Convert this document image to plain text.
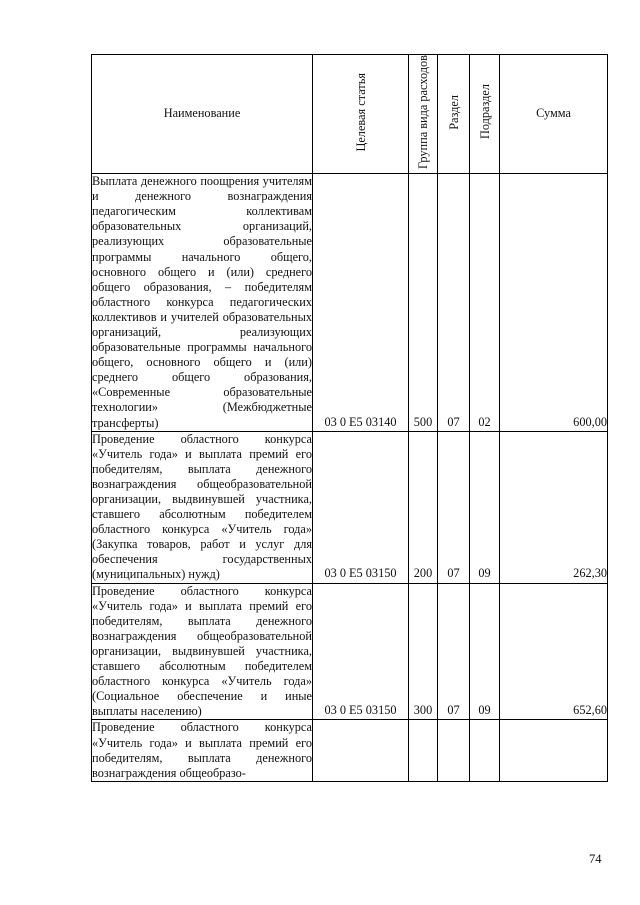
Наименование	Целевая статья	Группа вида расходов	Раздел	Подраздел	Сумма
Выплата денежного поощрения учителям и денежного вознаграждения педагогическим коллективам образовательных организаций, реализующих образовательные программы начального общего, основного общего и (или) среднего общего образования, – победителям областного конкурса педагогических коллективов и учителей образовательных организаций, реализующих образовательные программы начального общего, основного общего и (или) среднего общего образования, «Современные образовательные технологии» (Межбюджетные трансферты)	03 0 E5 03140	500	07	02	600,00

Проведение областного конкурса «Учитель года» и выплата премий его победителям, выплата денежного вознаграждения общеобразовательной организации, выдвинувшей участника, ставшего абсолютным победителем областного конкурса «Учитель года» (Закупка товаров, работ и услуг для обеспечения государственных (муниципальных) нужд)	03 0 E5 03150	200	07	09	262,30

Проведение областного конкурса «Учитель года» и выплата премий его победителям, выплата денежного вознаграждения общеобразовательной организации, выдвинувшей участника, ставшего абсолютным победителем областного конкурса «Учитель года» (Социальное обеспечение и иные выплаты населению)	03 0 E5 03150	300	07	09	652,60

Проведение областного конкурса «Учитель года» и выплата премий его победителям, выплата денежного вознаграждения общеобразо-	

74
